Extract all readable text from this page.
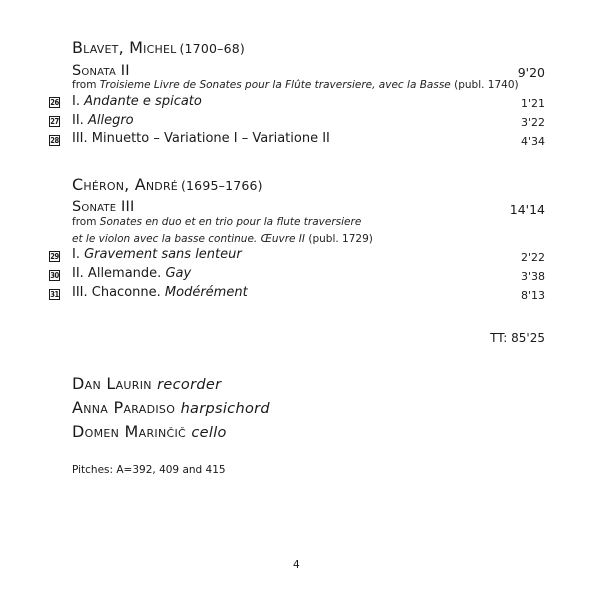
Blavet, Michel (1700–68)
Sonata II	9'20
from Troisieme Livre de Sonates pour la Flûte traversiere, avec la Basse (publ. 1740)
26 I. Andante e spicato	1'21
27 II. Allegro	3'22
28 III. Minuetto – Variatione I – Variatione II	4'34
Chéron, André (1695–1766)
Sonate III	14'14
from Sonates en duo et en trio pour la flute traversiere
et le violon avec la basse continue. Œuvre II (publ. 1729)
29 I. Gravement sans lenteur	2'22
30 II. Allemande. Gay	3'38
31 III. Chaconne. Modérément	8'13
TT: 85'25
Dan Laurin recorder
Anna Paradiso harpsichord
Domen Marinčič cello
Pitches: A=392, 409 and 415
4
